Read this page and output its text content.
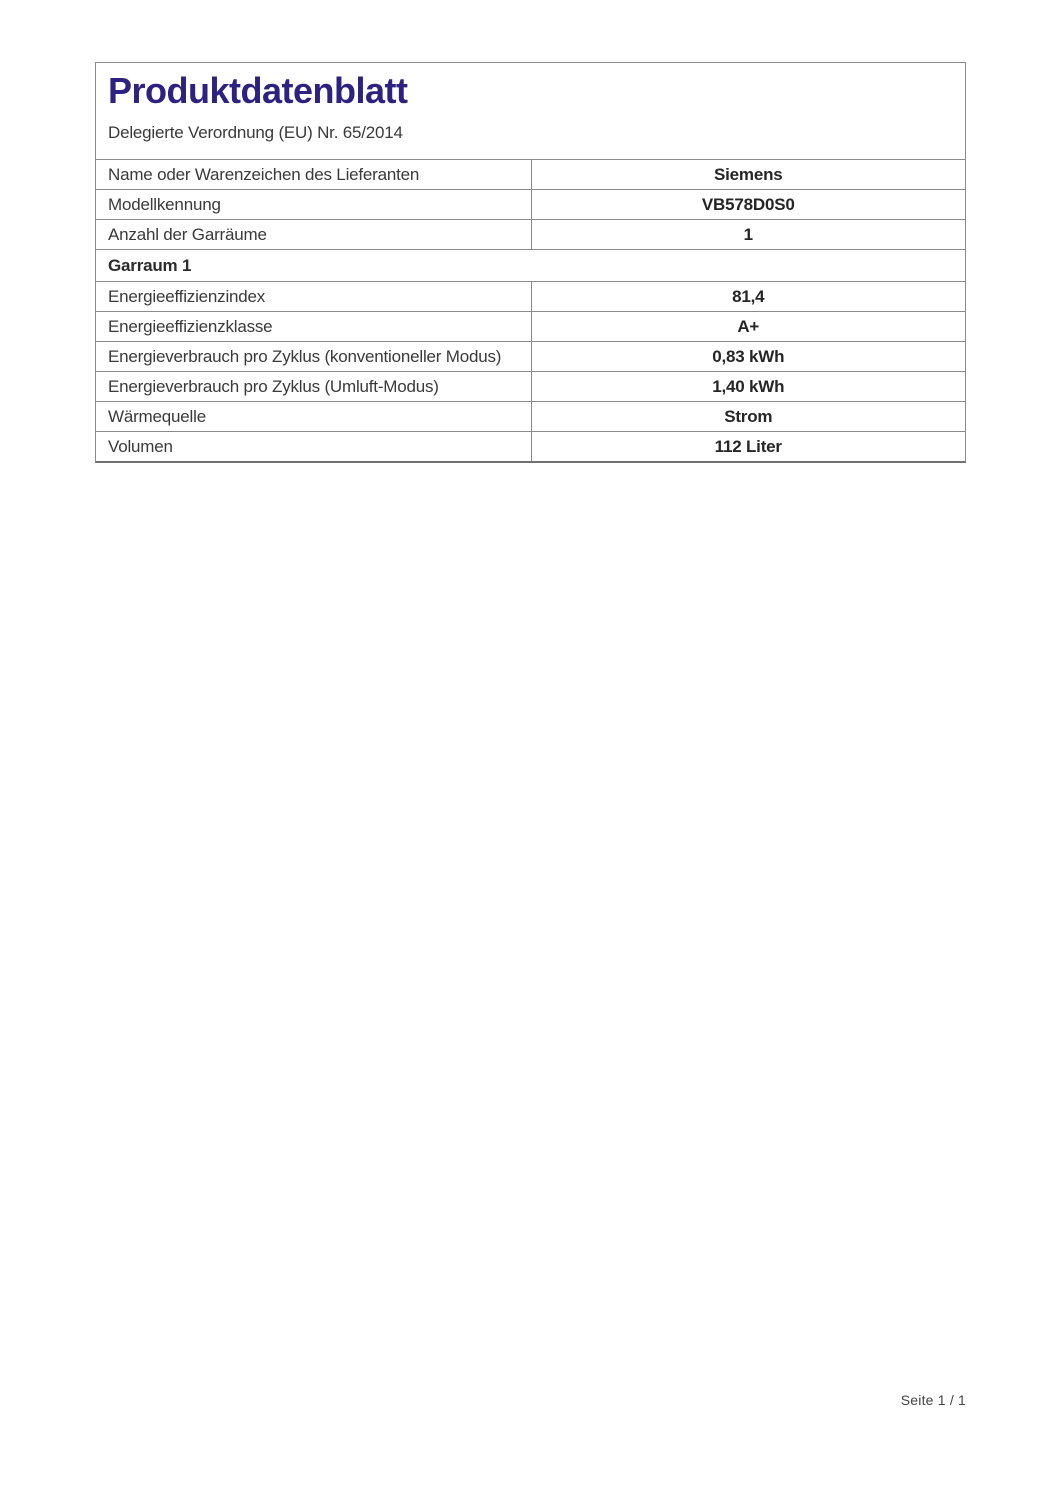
Produktdatenblatt
Delegierte Verordnung (EU) Nr. 65/2014
Name oder Warenzeichen des Lieferanten	Siemens
Modellkennung	VB578D0S0
Anzahl der Garräume	1
Garraum 1
Energieeffizienzindex	81,4
Energieeffizienzklasse	A+
Energieverbrauch pro Zyklus (konventioneller Modus)	0,83 kWh
Energieverbrauch pro Zyklus (Umluft-Modus)	1,40 kWh
Wärmequelle	Strom
Volumen	112 Liter
Seite 1 / 1
